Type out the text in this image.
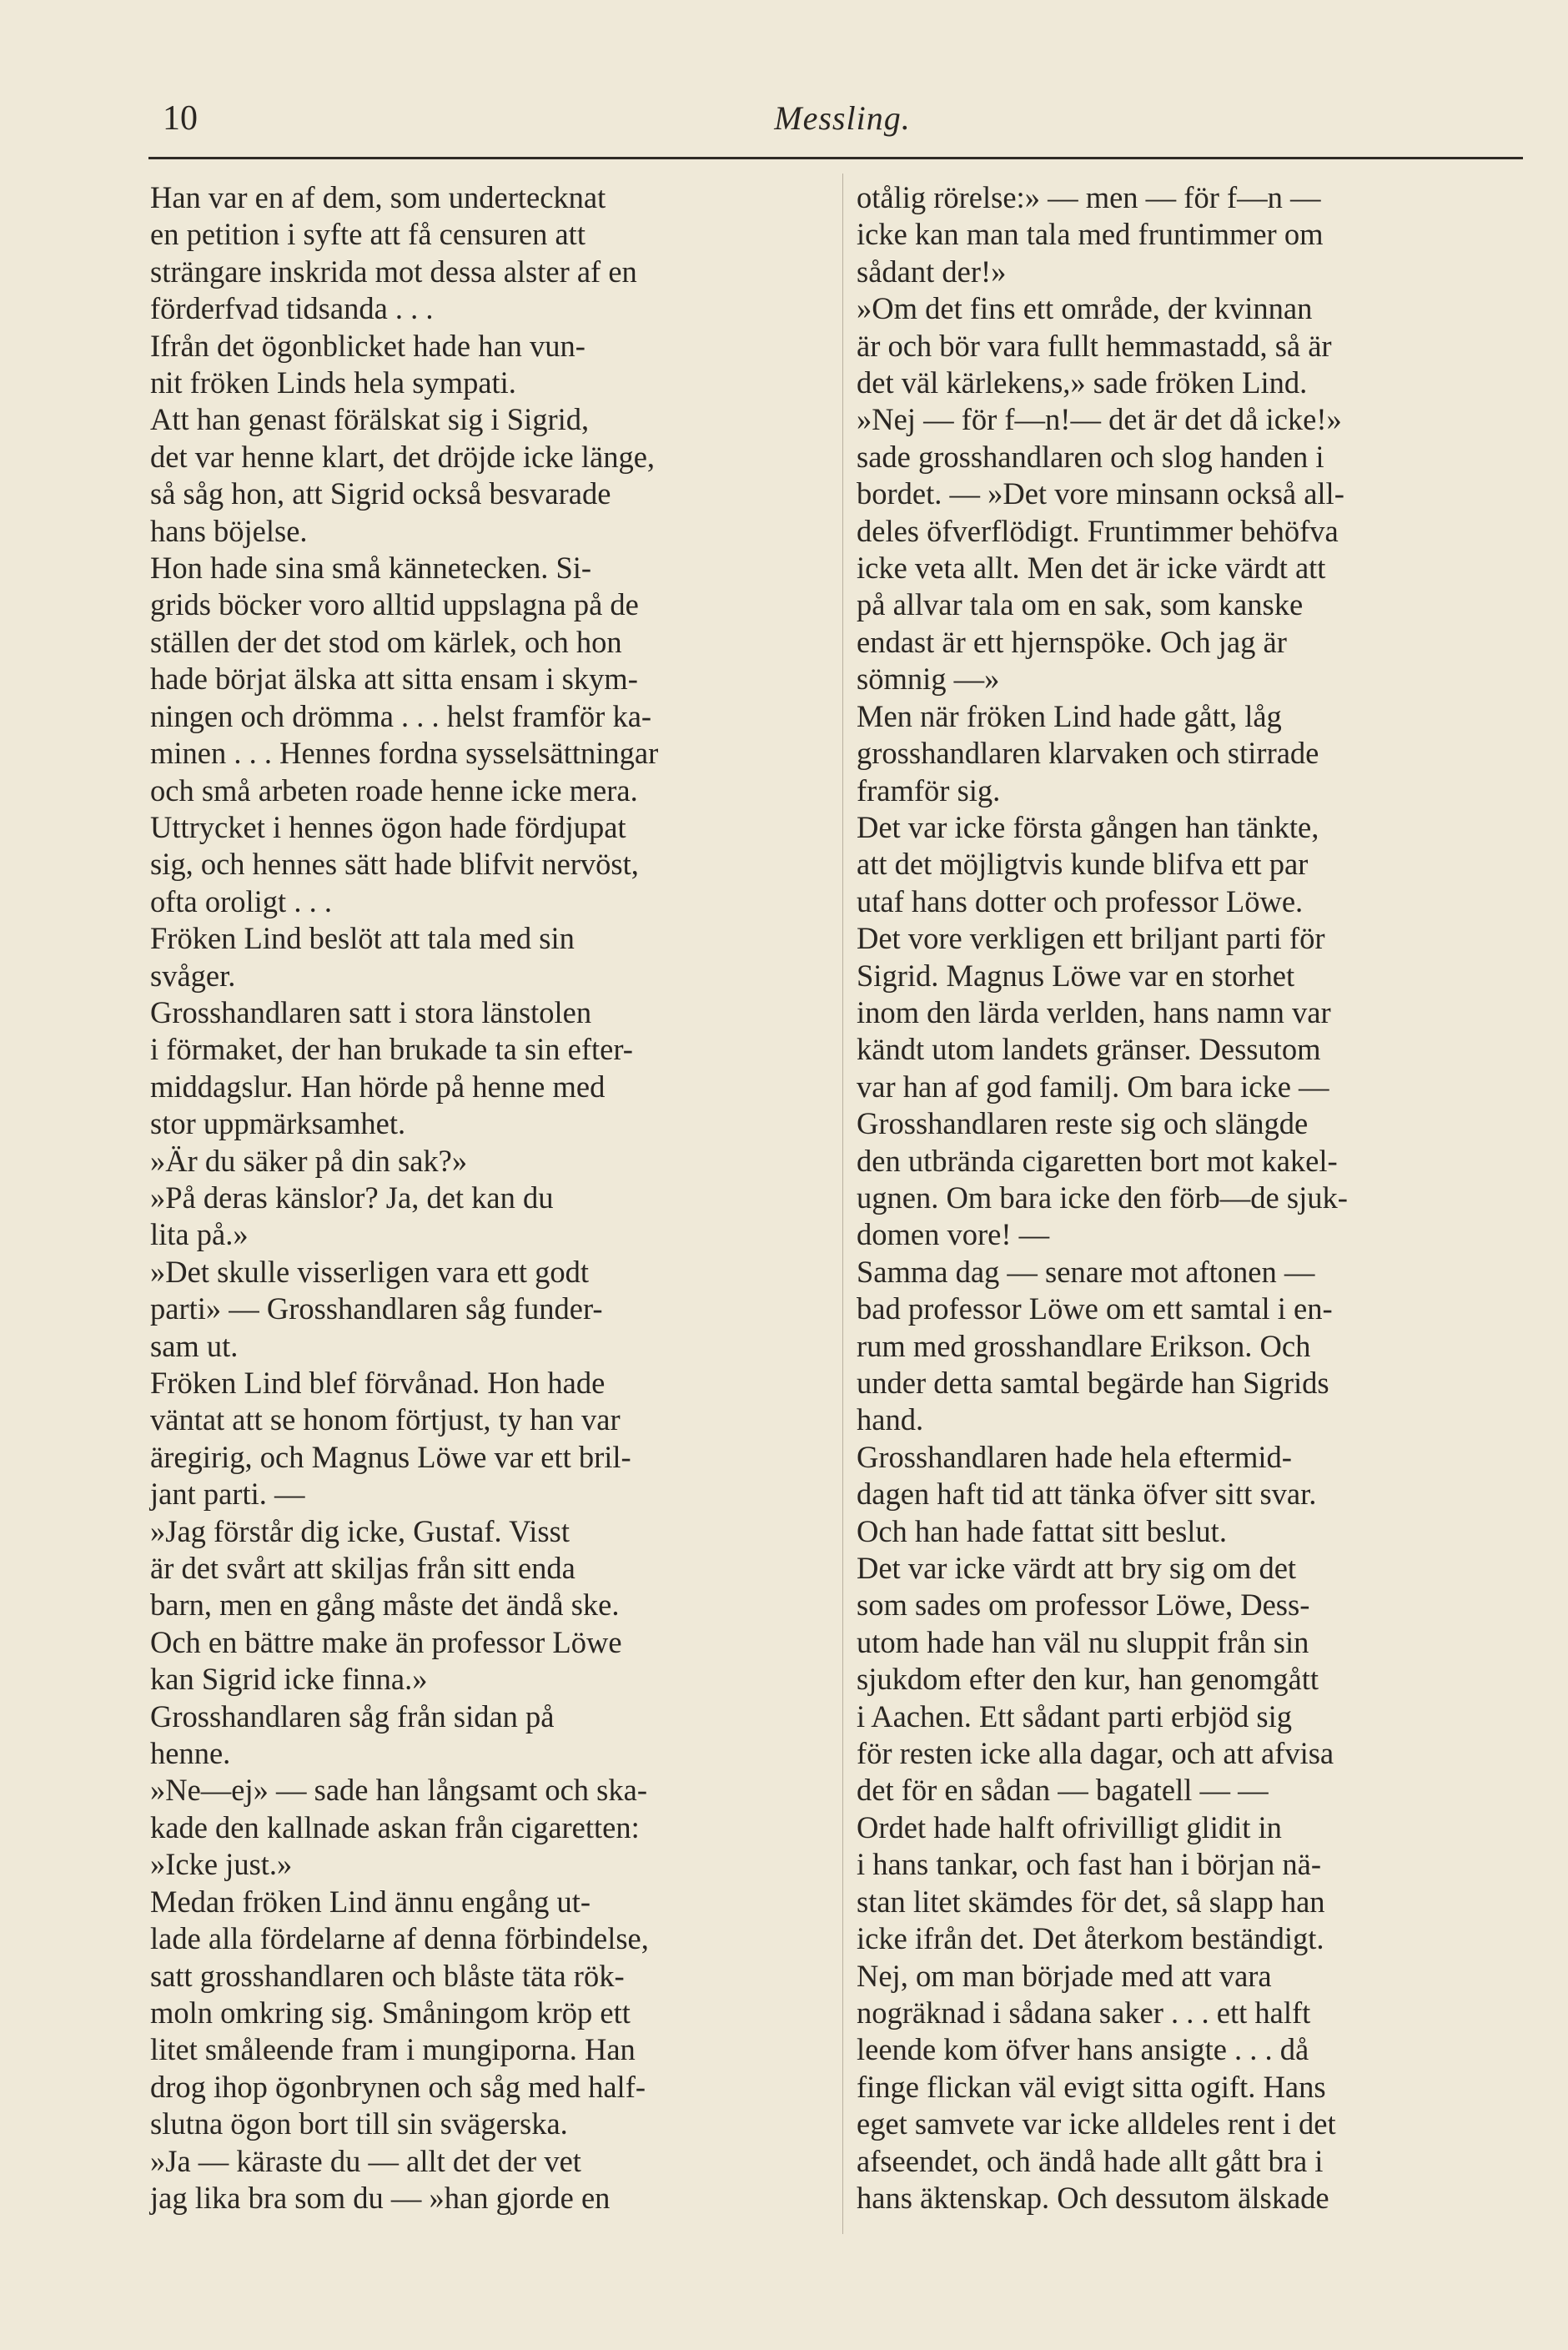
10	Messling.

Han var en af dem, som undertecknat
en petition i syfte att få censuren att
strängare inskrida mot dessa alster af en
förderfvad tidsanda . . .
Ifrån det ögonblicket hade han vun-
nit fröken Linds hela sympati.
Att han genast förälskat sig i Sigrid,
det var henne klart, det dröjde icke länge,
så såg hon, att Sigrid också besvarade
hans böjelse.
Hon hade sina små kännetecken. Si-
grids böcker voro alltid uppslagna på de
ställen der det stod om kärlek, och hon
hade börjat älska att sitta ensam i skym-
ningen och drömma . . . helst framför ka-
minen . . . Hennes fordna sysselsättningar
och små arbeten roade henne icke mera.
Uttrycket i hennes ögon hade fördjupat
sig, och hennes sätt hade blifvit nervöst,
ofta oroligt . . .
Fröken Lind beslöt att tala med sin
svåger.
Grosshandlaren satt i stora länstolen
i förmaket, der han brukade ta sin efter-
middagslur. Han hörde på henne med
stor uppmärksamhet.
»Är du säker på din sak?»
»På deras känslor? Ja, det kan du
lita på.»
»Det skulle visserligen vara ett godt
parti» — Grosshandlaren såg funder-
sam ut.
Fröken Lind blef förvånad. Hon hade
väntat att se honom förtjust, ty han var
äregirig, och Magnus Löwe var ett bril-
jant parti. —
»Jag förstår dig icke, Gustaf. Visst
är det svårt att skiljas från sitt enda
barn, men en gång måste det ändå ske.
Och en bättre make än professor Löwe
kan Sigrid icke finna.»
Grosshandlaren såg från sidan på
henne.
»Ne—ej» — sade han långsamt och ska-
kade den kallnade askan från cigaretten:
»Icke just.»
Medan fröken Lind ännu engång ut-
lade alla fördelarne af denna förbindelse,
satt grosshandlaren och blåste täta rök-
moln omkring sig. Småningom kröp ett
litet småleende fram i mungiporna. Han
drog ihop ögonbrynen och såg med half-
slutna ögon bort till sin svägerska.
»Ja — käraste du — allt det der vet
jag lika bra som du — »han gjorde en

otålig rörelse:» — men — för f—n —
icke kan man tala med fruntimmer om
sådant der!»
»Om det fins ett område, der kvinnan
är och bör vara fullt hemmastadd, så är
det väl kärlekens,» sade fröken Lind.
»Nej — för f—n!— det är det då icke!»
sade grosshandlaren och slog handen i
bordet. — »Det vore minsann också all-
deles öfverflödigt. Fruntimmer behöfva
icke veta allt. Men det är icke värdt att
på allvar tala om en sak, som kanske
endast är ett hjernspöke. Och jag är
sömnig —»
Men när fröken Lind hade gått, låg
grosshandlaren klarvaken och stirrade
framför sig.
Det var icke första gången han tänkte,
att det möjligtvis kunde blifva ett par
utaf hans dotter och professor Löwe.
Det vore verkligen ett briljant parti för
Sigrid. Magnus Löwe var en storhet
inom den lärda verlden, hans namn var
kändt utom landets gränser. Dessutom
var han af god familj. Om bara icke —
Grosshandlaren reste sig och slängde
den utbrända cigaretten bort mot kakel-
ugnen. Om bara icke den förb—de sjuk-
domen vore! —
Samma dag — senare mot aftonen —
bad professor Löwe om ett samtal i en-
rum med grosshandlare Erikson. Och
under detta samtal begärde han Sigrids
hand.
Grosshandlaren hade hela eftermid-
dagen haft tid att tänka öfver sitt svar.
Och han hade fattat sitt beslut.
Det var icke värdt att bry sig om det
som sades om professor Löwe, Dess-
utom hade han väl nu sluppit från sin
sjukdom efter den kur, han genomgått
i Aachen. Ett sådant parti erbjöd sig
för resten icke alla dagar, och att afvisa
det för en sådan — bagatell — —
Ordet hade halft ofrivilligt glidit in
i hans tankar, och fast han i början nä-
stan litet skämdes för det, så slapp han
icke ifrån det. Det återkom beständigt.
Nej, om man började med att vara
nogräknad i sådana saker . . . ett halft
leende kom öfver hans ansigte . . . då
finge flickan väl evigt sitta ogift. Hans
eget samvete var icke alldeles rent i det
afseendet, och ändå hade allt gått bra i
hans äktenskap. Och dessutom älskade
